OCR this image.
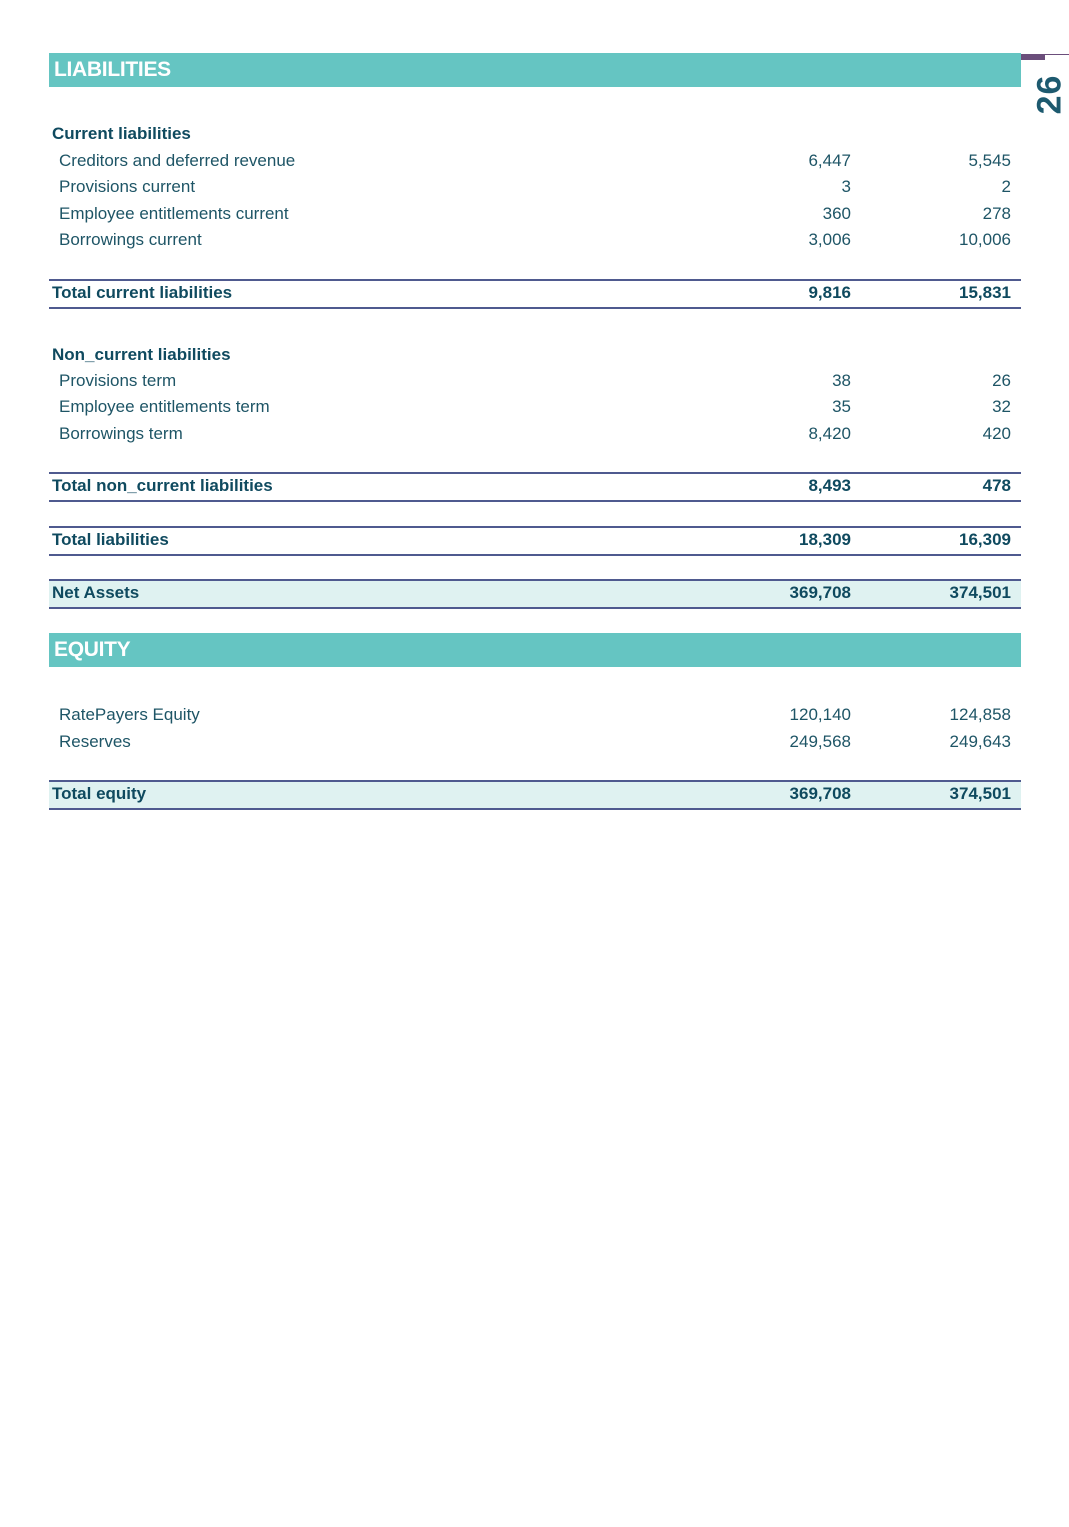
26
LIABILITIES
Current liabilities
Creditors and deferred revenue	6,447	5,545
Provisions current	3	2
Employee entitlements current	360	278
Borrowings current	3,006	10,006
Total current liabilities	9,816	15,831
Non_current liabilities
Provisions term	38	26
Employee entitlements term	35	32
Borrowings term	8,420	420
Total non_current liabilities	8,493	478
Total liabilities	18,309	16,309
Net Assets	369,708	374,501
EQUITY
RatePayers Equity	120,140	124,858
Reserves	249,568	249,643
Total equity	369,708	374,501
